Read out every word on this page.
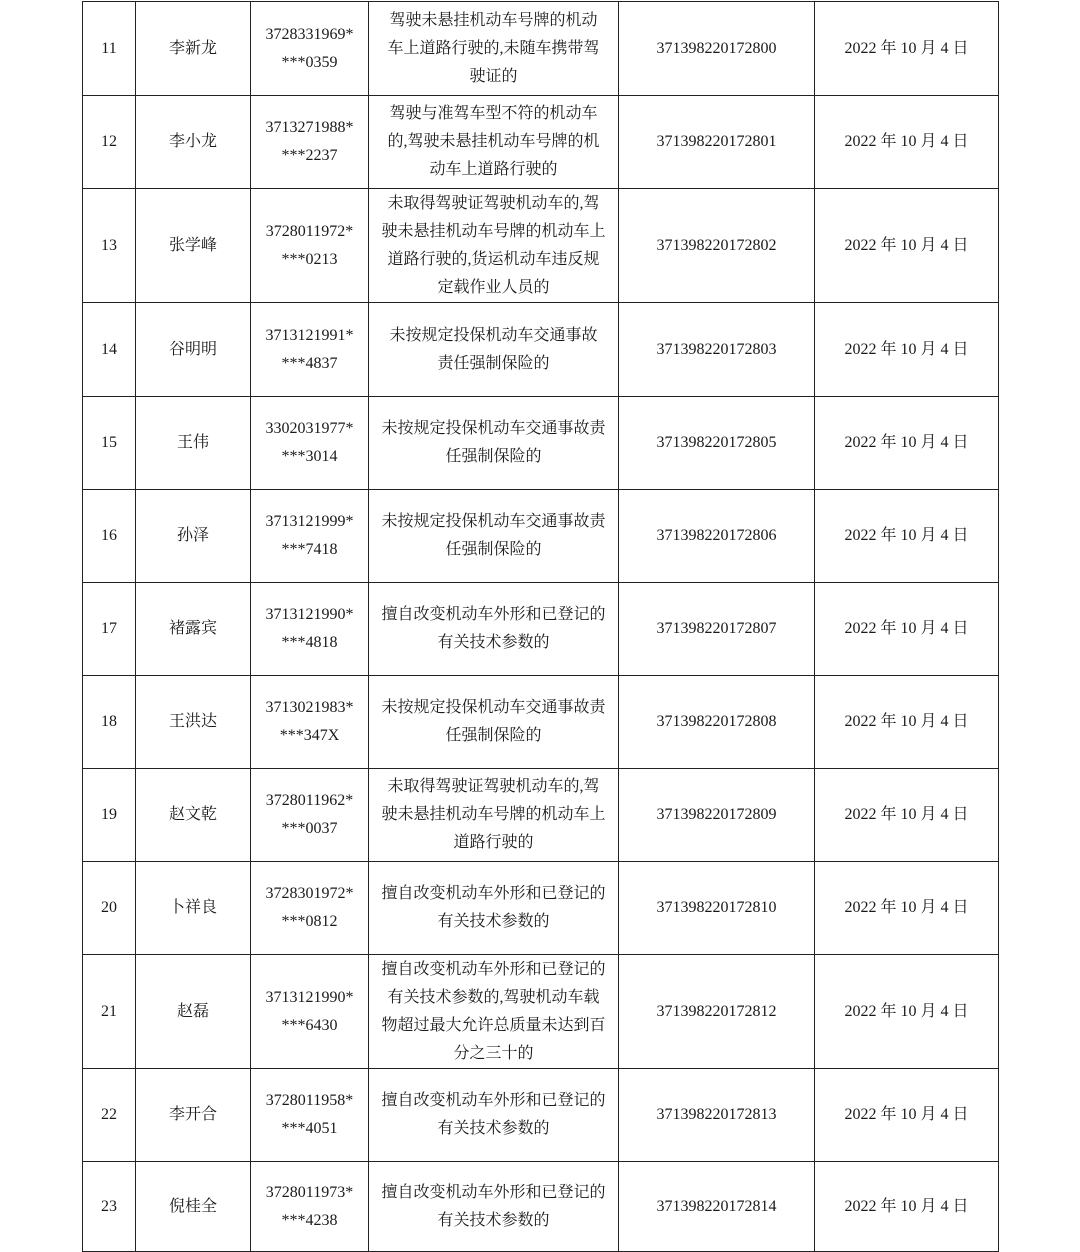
11	李新龙	3728331969*
***0359	驾驶未悬挂机动车号牌的机动
车上道路行驶的,未随车携带驾
驶证的	371398220172800	2022 年 10 月 4 日
12	李小龙	3713271988*
***2237	驾驶与准驾车型不符的机动车
的,驾驶未悬挂机动车号牌的机
动车上道路行驶的	371398220172801	2022 年 10 月 4 日
13	张学峰	3728011972*
***0213	未取得驾驶证驾驶机动车的,驾
驶未悬挂机动车号牌的机动车上
道路行驶的,货运机动车违反规
定载作业人员的	371398220172802	2022 年 10 月 4 日
14	谷明明	3713121991*
***4837	未按规定投保机动车交通事故
责任强制保险的	371398220172803	2022 年 10 月 4 日
15	王伟	3302031977*
***3014	未按规定投保机动车交通事故责
任强制保险的	371398220172805	2022 年 10 月 4 日
16	孙泽	3713121999*
***7418	未按规定投保机动车交通事故责
任强制保险的	371398220172806	2022 年 10 月 4 日
17	褚露宾	3713121990*
***4818	擅自改变机动车外形和已登记的
有关技术参数的	371398220172807	2022 年 10 月 4 日
18	王洪达	3713021983*
***347X	未按规定投保机动车交通事故责
任强制保险的	371398220172808	2022 年 10 月 4 日
19	赵文乾	3728011962*
***0037	未取得驾驶证驾驶机动车的,驾
驶未悬挂机动车号牌的机动车上
道路行驶的	371398220172809	2022 年 10 月 4 日
20	卜祥良	3728301972*
***0812	擅自改变机动车外形和已登记的
有关技术参数的	371398220172810	2022 年 10 月 4 日
21	赵磊	3713121990*
***6430	擅自改变机动车外形和已登记的
有关技术参数的,驾驶机动车载
物超过最大允许总质量未达到百
分之三十的	371398220172812	2022 年 10 月 4 日
22	李开合	3728011958*
***4051	擅自改变机动车外形和已登记的
有关技术参数的	371398220172813	2022 年 10 月 4 日
23	倪桂全	3728011973*
***4238	擅自改变机动车外形和已登记的
有关技术参数的	371398220172814	2022 年 10 月 4 日
